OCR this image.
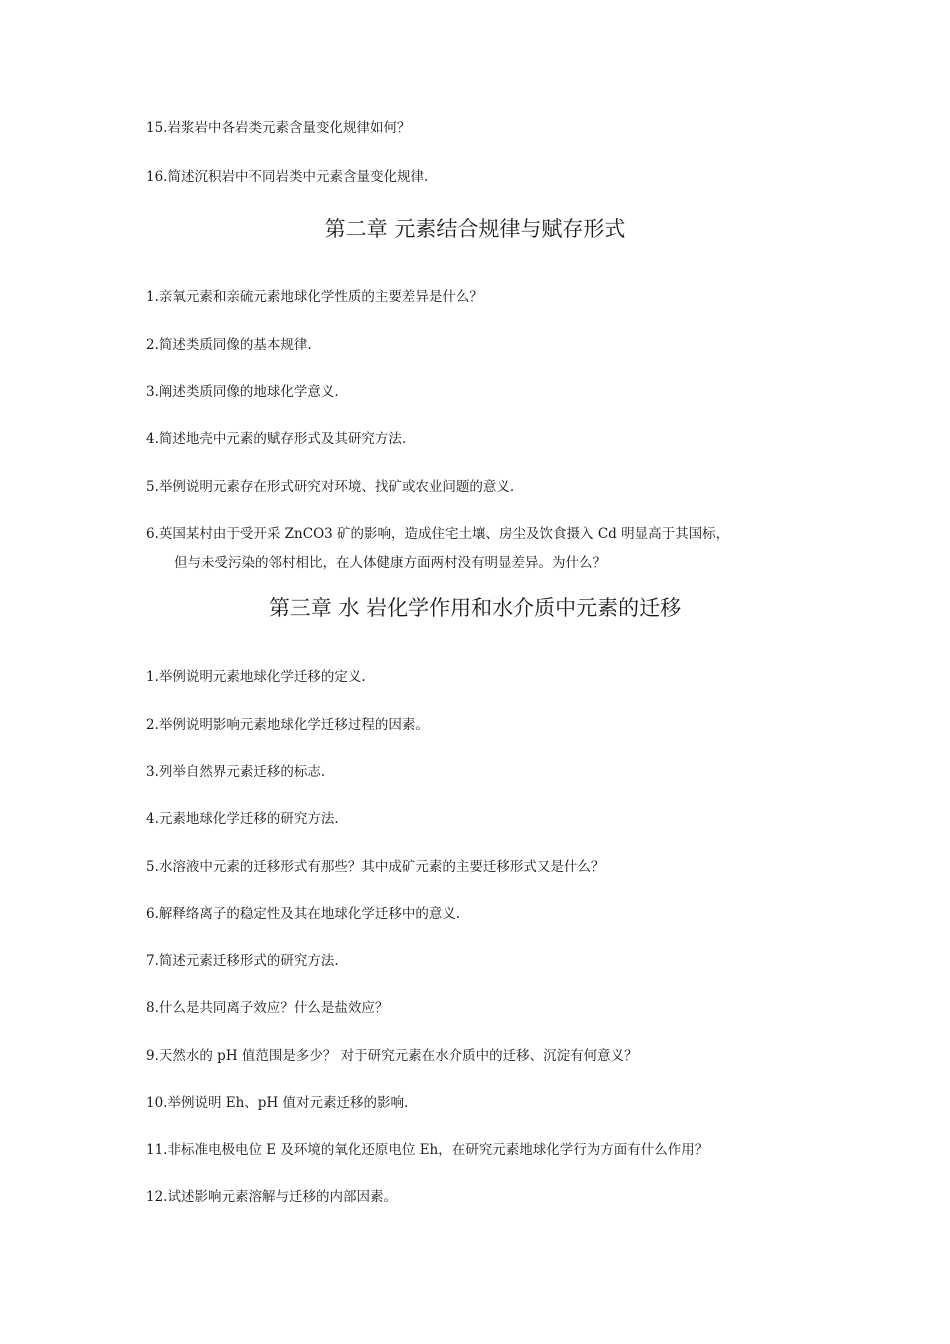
15.岩浆岩中各岩类元素含量变化规律如何？
16.简述沉积岩中不同岩类中元素含量变化规律.
第二章 元素结合规律与赋存形式
1.亲氧元素和亲硫元素地球化学性质的主要差异是什么？
2.简述类质同像的基本规律.
3.阐述类质同像的地球化学意义.
4.简述地壳中元素的赋存形式及其研究方法.
5.举例说明元素存在形式研究对环境、找矿或农业问题的意义.
6.英国某村由于受开采 ZnCO3 矿的影响，造成住宅土壤、房尘及饮食摄入 Cd 明显高于其国标，
但与未受污染的邻村相比，在人体健康方面两村没有明显差异。为什么？
第三章 水 岩化学作用和水介质中元素的迁移
1.举例说明元素地球化学迁移的定义.
2.举例说明影响元素地球化学迁移过程的因素。
3.列举自然界元素迁移的标志.
4.元素地球化学迁移的研究方法.
5.水溶液中元素的迁移形式有那些？其中成矿元素的主要迁移形式又是什么？
6.解释络离子的稳定性及其在地球化学迁移中的意义.
7.简述元素迁移形式的研究方法.
8.什么是共同离子效应？什么是盐效应？
9.天然水的 pH 值范围是多少？ 对于研究元素在水介质中的迁移、沉淀有何意义？
10.举例说明 Eh、pH 值对元素迁移的影响.
11.非标准电极电位 E 及环境的氧化还原电位 Eh，在研究元素地球化学行为方面有什么作用？
12.试述影响元素溶解与迁移的内部因素。
